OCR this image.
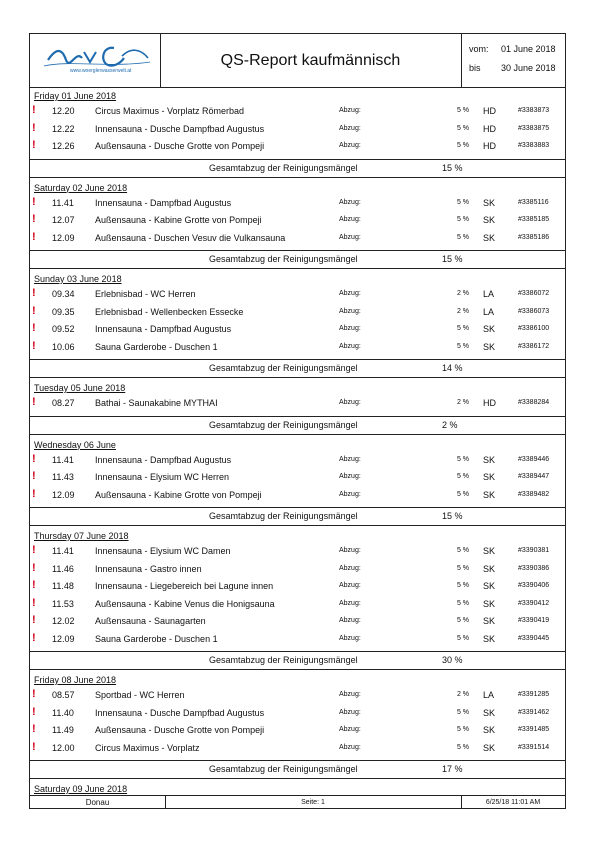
www.woerglerwasserwelt.at
QS-Report kaufmännisch
vom: 01 June 2018
bis 30 June 2018
Friday 01 June 2018
! 12.20 Circus Maximus - Vorplatz Römerbad	Abzug:	5 % HD	#3383873
! 12.22 Innensauna - Dusche Dampfbad Augustus	Abzug:	5 % HD	#3383875
! 12.26 Außensauna - Dusche Grotte von Pompeji	Abzug:	5 % HD	#3383883
Gesamtabzug der Reinigungsmängel	15 %
Saturday 02 June 2018
! 11.41 Innensauna - Dampfbad Augustus	Abzug:	5 % SK	#3385116
! 12.07 Außensauna - Kabine Grotte von Pompeji	Abzug:	5 % SK	#3385185
! 12.09 Außensauna - Duschen Vesuv die Vulkansauna	Abzug:	5 % SK	#3385186
Gesamtabzug der Reinigungsmängel	15 %
Sunday 03 June 2018
! 09.34 Erlebnisbad - WC Herren	Abzug:	2 % LA	#3386072
! 09.35 Erlebnisbad - Wellenbecken Essecke	Abzug:	2 % LA	#3386073
! 09.52 Innensauna - Dampfbad Augustus	Abzug:	5 % SK	#3386100
! 10.06 Sauna Garderobe - Duschen 1	Abzug:	5 % SK	#3386172
Gesamtabzug der Reinigungsmängel	14 %
Tuesday 05 June 2018
! 08.27 Bathai - Saunakabine MYTHAI	Abzug:	2 % HD	#3388284
Gesamtabzug der Reinigungsmängel	2 %
Wednesday 06 June
! 11.41 Innensauna - Dampfbad Augustus	Abzug:	5 % SK	#3389446
! 11.43 Innensauna - Elysium WC Herren	Abzug:	5 % SK	#3389447
! 12.09 Außensauna - Kabine Grotte von Pompeji	Abzug:	5 % SK	#3389482
Gesamtabzug der Reinigungsmängel	15 %
Thursday 07 June 2018
! 11.41 Innensauna - Elysium WC Damen	Abzug:	5 % SK	#3390381
! 11.46 Innensauna - Gastro innen	Abzug:	5 % SK	#3390386
! 11.48 Innensauna - Liegebereich bei Lagune innen	Abzug:	5 % SK	#3390406
! 11.53 Außensauna - Kabine Venus die Honigsauna	Abzug:	5 % SK	#3390412
! 12.02 Außensauna - Saunagarten	Abzug:	5 % SK	#3390419
! 12.09 Sauna Garderobe - Duschen 1	Abzug:	5 % SK	#3390445
Gesamtabzug der Reinigungsmängel	30 %
Friday 08 June 2018
! 08.57 Sportbad - WC Herren	Abzug:	2 % LA	#3391285
! 11.40 Innensauna - Dusche Dampfbad Augustus	Abzug:	5 % SK	#3391462
! 11.49 Außensauna - Dusche Grotte von Pompeji	Abzug:	5 % SK	#3391485
! 12.00 Circus Maximus - Vorplatz	Abzug:	5 % SK	#3391514
Gesamtabzug der Reinigungsmängel	17 %
Saturday 09 June 2018
Donau	Seite: 1	6/25/18 11:01 AM
